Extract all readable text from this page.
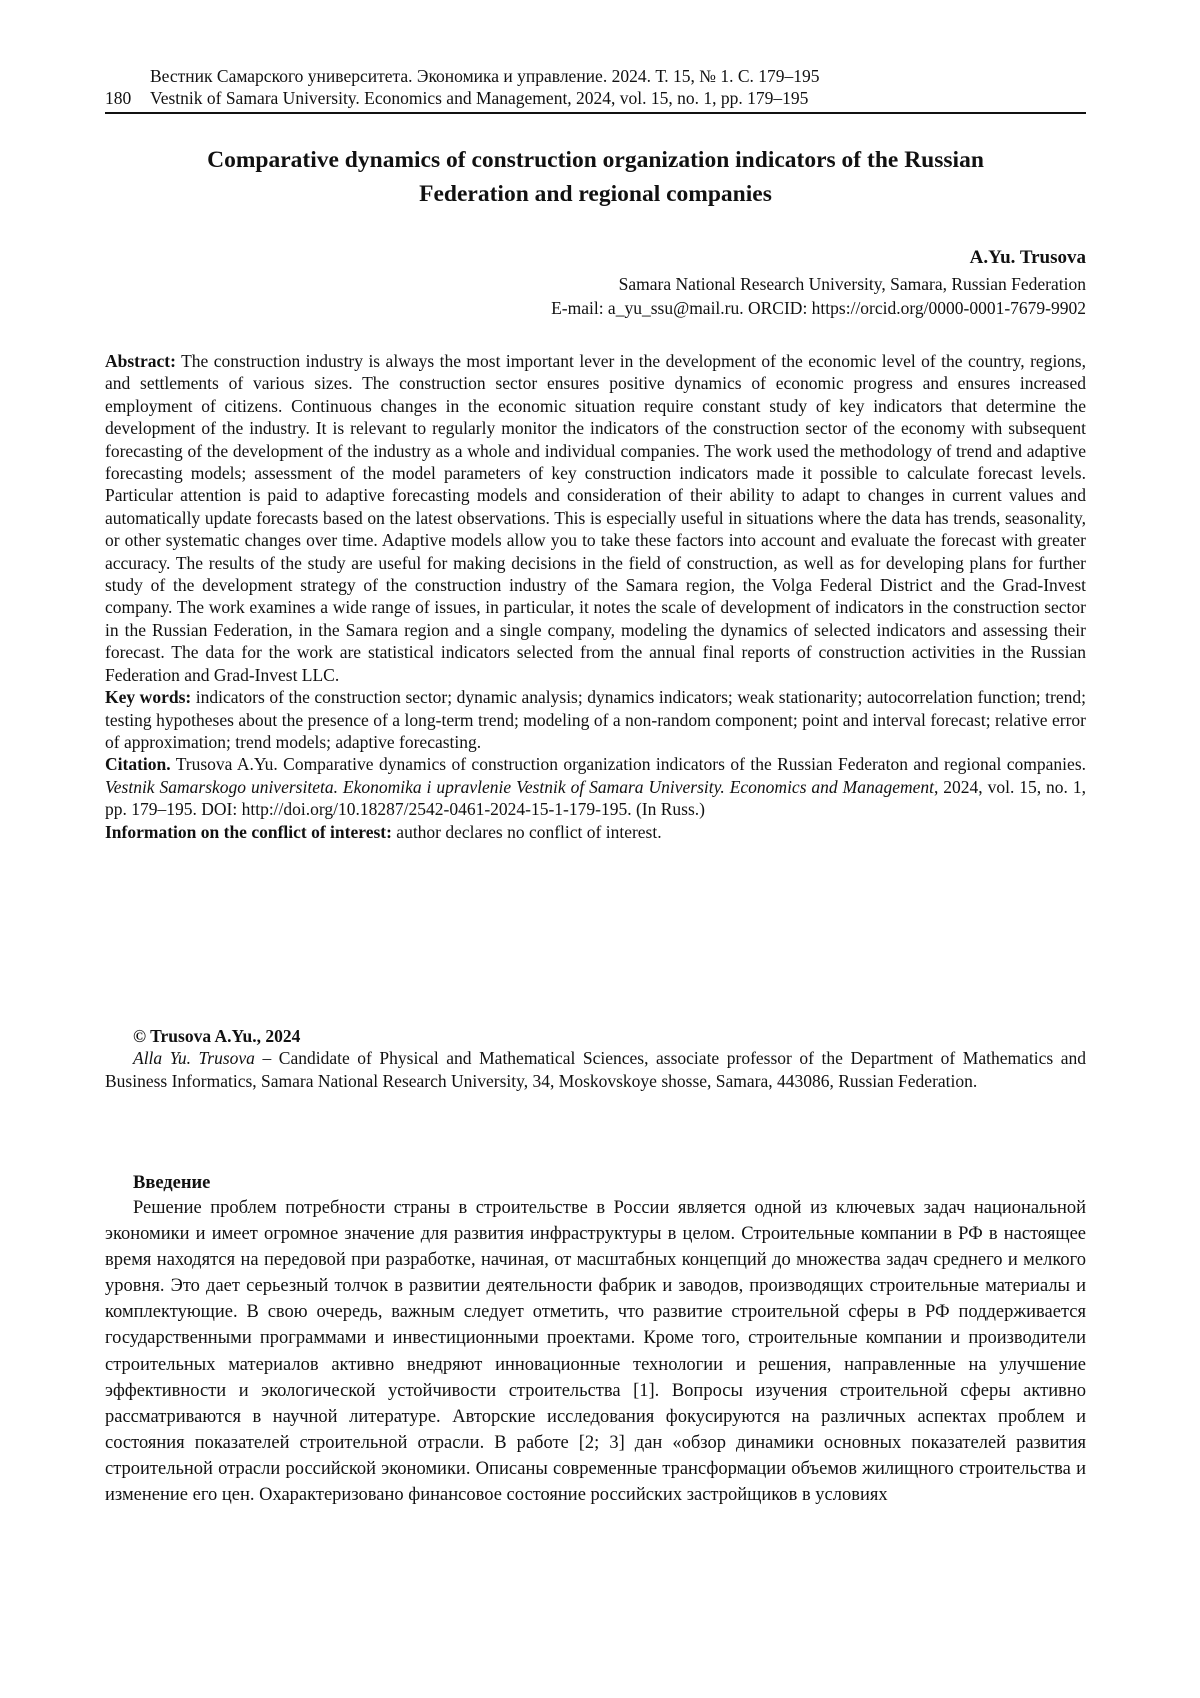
Вестник Самарского университета. Экономика и управление. 2024. Т. 15, № 1. С. 179–195
180 Vestnik of Samara University. Economics and Management, 2024, vol. 15, no. 1, pp. 179–195
Comparative dynamics of construction organization indicators of the Russian
Federation and regional companies
A.Yu. Trusova
Samara National Research University, Samara, Russian Federation
E-mail: a_yu_ssu@mail.ru. ORCID: https://orcid.org/0000-0001-7679-9902

Abstract: The construction industry is always the most important lever in the development of the economic level of the country, regions, and settlements of various sizes. The construction sector ensures positive dynamics of economic progress and ensures increased employment of citizens. Continuous changes in the economic situation require constant study of key indicators that determine the development of the industry. It is relevant to regularly monitor the indicators of the construction sector of the economy with subsequent forecasting of the development of the industry as a whole and individual companies. The work used the methodology of trend and adaptive forecasting models; assessment of the model parameters of key construction indicators made it possible to calculate forecast levels. Particular attention is paid to adaptive forecasting models and consideration of their ability to adapt to changes in current values and automatically update forecasts based on the latest observations. This is especially useful in situations where the data has trends, seasonality, or other systematic changes over time. Adaptive models allow you to take these factors into account and evaluate the forecast with greater accuracy. The results of the study are useful for making decisions in the field of construction, as well as for developing plans for further study of the development strategy of the construction industry of the Samara region, the Volga Federal District and the Grad-Invest company. The work examines a wide range of issues, in particular, it notes the scale of development of indicators in the construction sector in the Russian Federation, in the Samara region and a single company, modeling the dynamics of selected indicators and assessing their forecast. The data for the work are statistical indicators selected from the annual final reports of construction activities in the Russian Federation and Grad-Invest LLC.

Key words: indicators of the construction sector; dynamic analysis; dynamics indicators; weak stationarity; autocorrelation function; trend; testing hypotheses about the presence of a long-term trend; modeling of a non-random component; point and interval forecast; relative error of approximation; trend models; adaptive forecasting.

Citation. Trusova A.Yu. Comparative dynamics of construction organization indicators of the Russian Federaton and regional companies. Vestnik Samarskogo universiteta. Ekonomika i upravlenie Vestnik of Samara University. Economics and Management, 2024, vol. 15, no. 1, pp. 179–195. DOI: http://doi.org/10.18287/2542-0461-2024-15-1-179-195. (In Russ.)

Information on the conflict of interest: author declares no conflict of interest.

© Trusova A.Yu., 2024

Alla Yu. Trusova – Candidate of Physical and Mathematical Sciences, associate professor of the Department of Mathematics and Business Informatics, Samara National Research University, 34, Moskovskoye shosse, Samara, 443086, Russian Federation.

Введение

Решение проблем потребности страны в строительстве в России является одной из ключевых задач национальной экономики и имеет огромное значение для развития инфраструктуры в целом. Строительные компании в РФ в настоящее время находятся на передовой при разработке, начиная, от масштабных концепций до множества задач среднего и мелкого уровня. Это дает серьезный толчок в развитии деятельности фабрик и заводов, производящих строительные материалы и комплектующие. В свою очередь, важным следует отметить, что развитие строительной сферы в РФ поддерживается государственными программами и инвестиционными проектами. Кроме того, строительные компании и производители строительных материалов активно внедряют инновационные технологии и решения, направленные на улучшение эффективности и экологической устойчивости строительства [1]. Вопросы изучения строительной сферы активно рассматриваются в научной литературе. Авторские исследования фокусируются на различных аспектах проблем и состояния показателей строительной отрасли. В работе [2; 3] дан «обзор динамики основных показателей развития строительной отрасли российской экономики. Описаны современные трансформации объемов жилищного строительства и изменение его цен. Охарактеризовано финансовое состояние российских застройщиков в условиях
